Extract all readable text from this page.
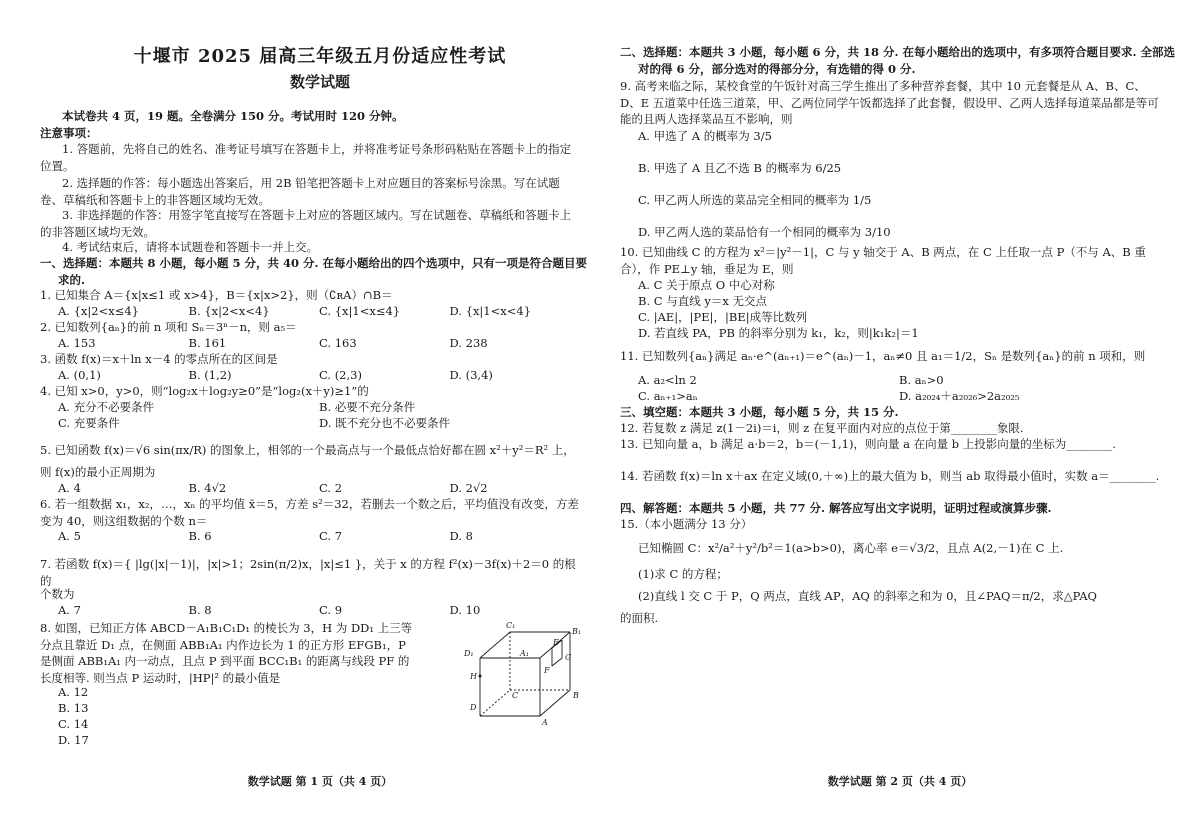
十堰市 2025 届高三年级五月份适应性考试
数学试题
本试卷共 4 页，19 题。全卷满分 150 分。考试用时 120 分钟。
注意事项：
1. 答题前，先将自己的姓名、准考证号填写在答题卡上，并将准考证号条形码粘贴在答题卡上的指定位置。
2. 选择题的作答：每小题选出答案后，用 2B 铅笔把答题卡上对应题目的答案标号涂黑。写在试题卷、草稿纸和答题卡上的非答题区域均无效。
3. 非选择题的作答：用签字笔直接写在答题卡上对应的答题区域内。写在试题卷、草稿纸和答题卡上的非答题区域均无效。
4. 考试结束后，请将本试题卷和答题卡一并上交。
一、选择题：本题共 8 小题，每小题 5 分，共 40 分. 在每小题给出的四个选项中，只有一项是符合题目要求的.
1. 已知集合 A＝{x|x≤1 或 x>4}，B＝{x|x>2}，则（∁ʀA）∩B＝
A. {x|2<x≤4}	B. {x|2<x<4}	C. {x|1<x≤4}	D. {x|1<x<4}
2. 已知数列{aₙ}的前 n 项和 Sₙ＝3ⁿ－n，则 a₅＝
A. 153	B. 161	C. 163	D. 238
3. 函数 f(x)＝x＋ln x－4 的零点所在的区间是
A. (0,1)	B. (1,2)	C. (2,3)	D. (3,4)
4. 已知 x>0，y>0，则“log₂x＋log₂y≥0”是“log₂(x＋y)≥1”的
A. 充分不必要条件	B. 必要不充分条件
C. 充要条件	D. 既不充分也不必要条件
5. 已知函数 f(x)＝√6 sin(πx/R) 的图象上，相邻的一个最高点与一个最低点恰好都在圆 x²＋y²＝R² 上，则 f(x)的最小正周期为
A. 4	B. 4√2	C. 2	D. 2√2
6. 若一组数据 x₁，x₂，…，xₙ 的平均值 x̄＝5，方差 s²＝32，若删去一个数之后，平均值没有改变，方差变为 40，则这组数据的个数 n＝
A. 5	B. 6	C. 7	D. 8
7. 若函数 f(x)＝{ |lg(|x|－1)|，|x|>1；2sin(π/2)x，|x|≤1 }，关于 x 的方程 f²(x)－3f(x)＋2＝0 的根的
个数为
A. 7	B. 8	C. 9	D. 10
8. 如图，已知正方体 ABCD－A₁B₁C₁D₁ 的棱长为 3，H 为 DD₁ 上三等分点且靠近 D₁ 点，在侧面 ABB₁A₁ 内作边长为 1 的正方形 EFGB₁，P 是侧面 ABB₁A₁ 内一动点，且点 P 到平面 BCC₁B₁ 的距离与线段 PF 的长度相等. 则当点 P 运动时，|HP|² 的最小值是
A. 12
B. 13
C. 14
D. 17
C₁
B₁
D₁	A₁
E
G
F
H
C	B
D
A
数学试题 第 1 页（共 4 页）
二、选择题：本题共 3 小题，每小题 6 分，共 18 分. 在每小题给出的选项中，有多项符合题目要求. 全部选对的得 6 分，部分选对的得部分分，有选错的得 0 分.
9. 高考来临之际，某校食堂的午饭针对高三学生推出了多种营养套餐，其中 10 元套餐是从 A、B、C、D、E 五道菜中任选三道菜，甲、乙两位同学午饭都选择了此套餐，假设甲、乙两人选择每道菜品都是等可能的且两人选择菜品互不影响，则
A. 甲选了 A 的概率为 3/5
B. 甲选了 A 且乙不选 B 的概率为 6/25
C. 甲乙两人所选的菜品完全相同的概率为 1/5
D. 甲乙两人选的菜品恰有一个相同的概率为 3/10
10. 已知曲线 C 的方程为 x²＝|y²－1|，C 与 y 轴交于 A、B 两点，在 C 上任取一点 P（不与 A、B 重合），作 PE⊥y 轴，垂足为 E，则
A. C 关于原点 O 中心对称
B. C 与直线 y＝x 无交点
C. |AE|，|PE|，|BE|成等比数列
D. 若直线 PA，PB 的斜率分别为 k₁，k₂，则|k₁k₂|＝1
11. 已知数列{aₙ}满足 aₙ·e^(aₙ₊₁)＝e^(aₙ)－1，aₙ≠0 且 a₁＝1/2，Sₙ 是数列{aₙ}的前 n 项和，则
A. a₂<ln 2	B. aₙ>0
C. aₙ₊₁>aₙ	D. a₂₀₂₄＋a₂₀₂₆>2a₂₀₂₅
三、填空题：本题共 3 小题，每小题 5 分，共 15 分.
12. 若复数 z 满足 z(1－2i)＝i，则 z 在复平面内对应的点位于第________象限.
13. 已知向量 a，b 满足 a·b＝2，b＝(－1,1)，则向量 a 在向量 b 上投影向量的坐标为________.
14. 若函数 f(x)＝ln x＋ax 在定义域(0,＋∞)上的最大值为 b，则当 ab 取得最小值时，实数 a＝________.
四、解答题：本题共 5 小题，共 77 分. 解答应写出文字说明，证明过程或演算步骤.
15.（本小题满分 13 分）
已知椭圆 C：x²/a²＋y²/b²＝1(a>b>0)，离心率 e＝√3/2，且点 A(2,－1)在 C 上.
(1)求 C 的方程；
(2)直线 l 交 C 于 P，Q 两点，直线 AP，AQ 的斜率之和为 0，且∠PAQ＝π/2，求△PAQ
的面积.
数学试题 第 2 页（共 4 页）
